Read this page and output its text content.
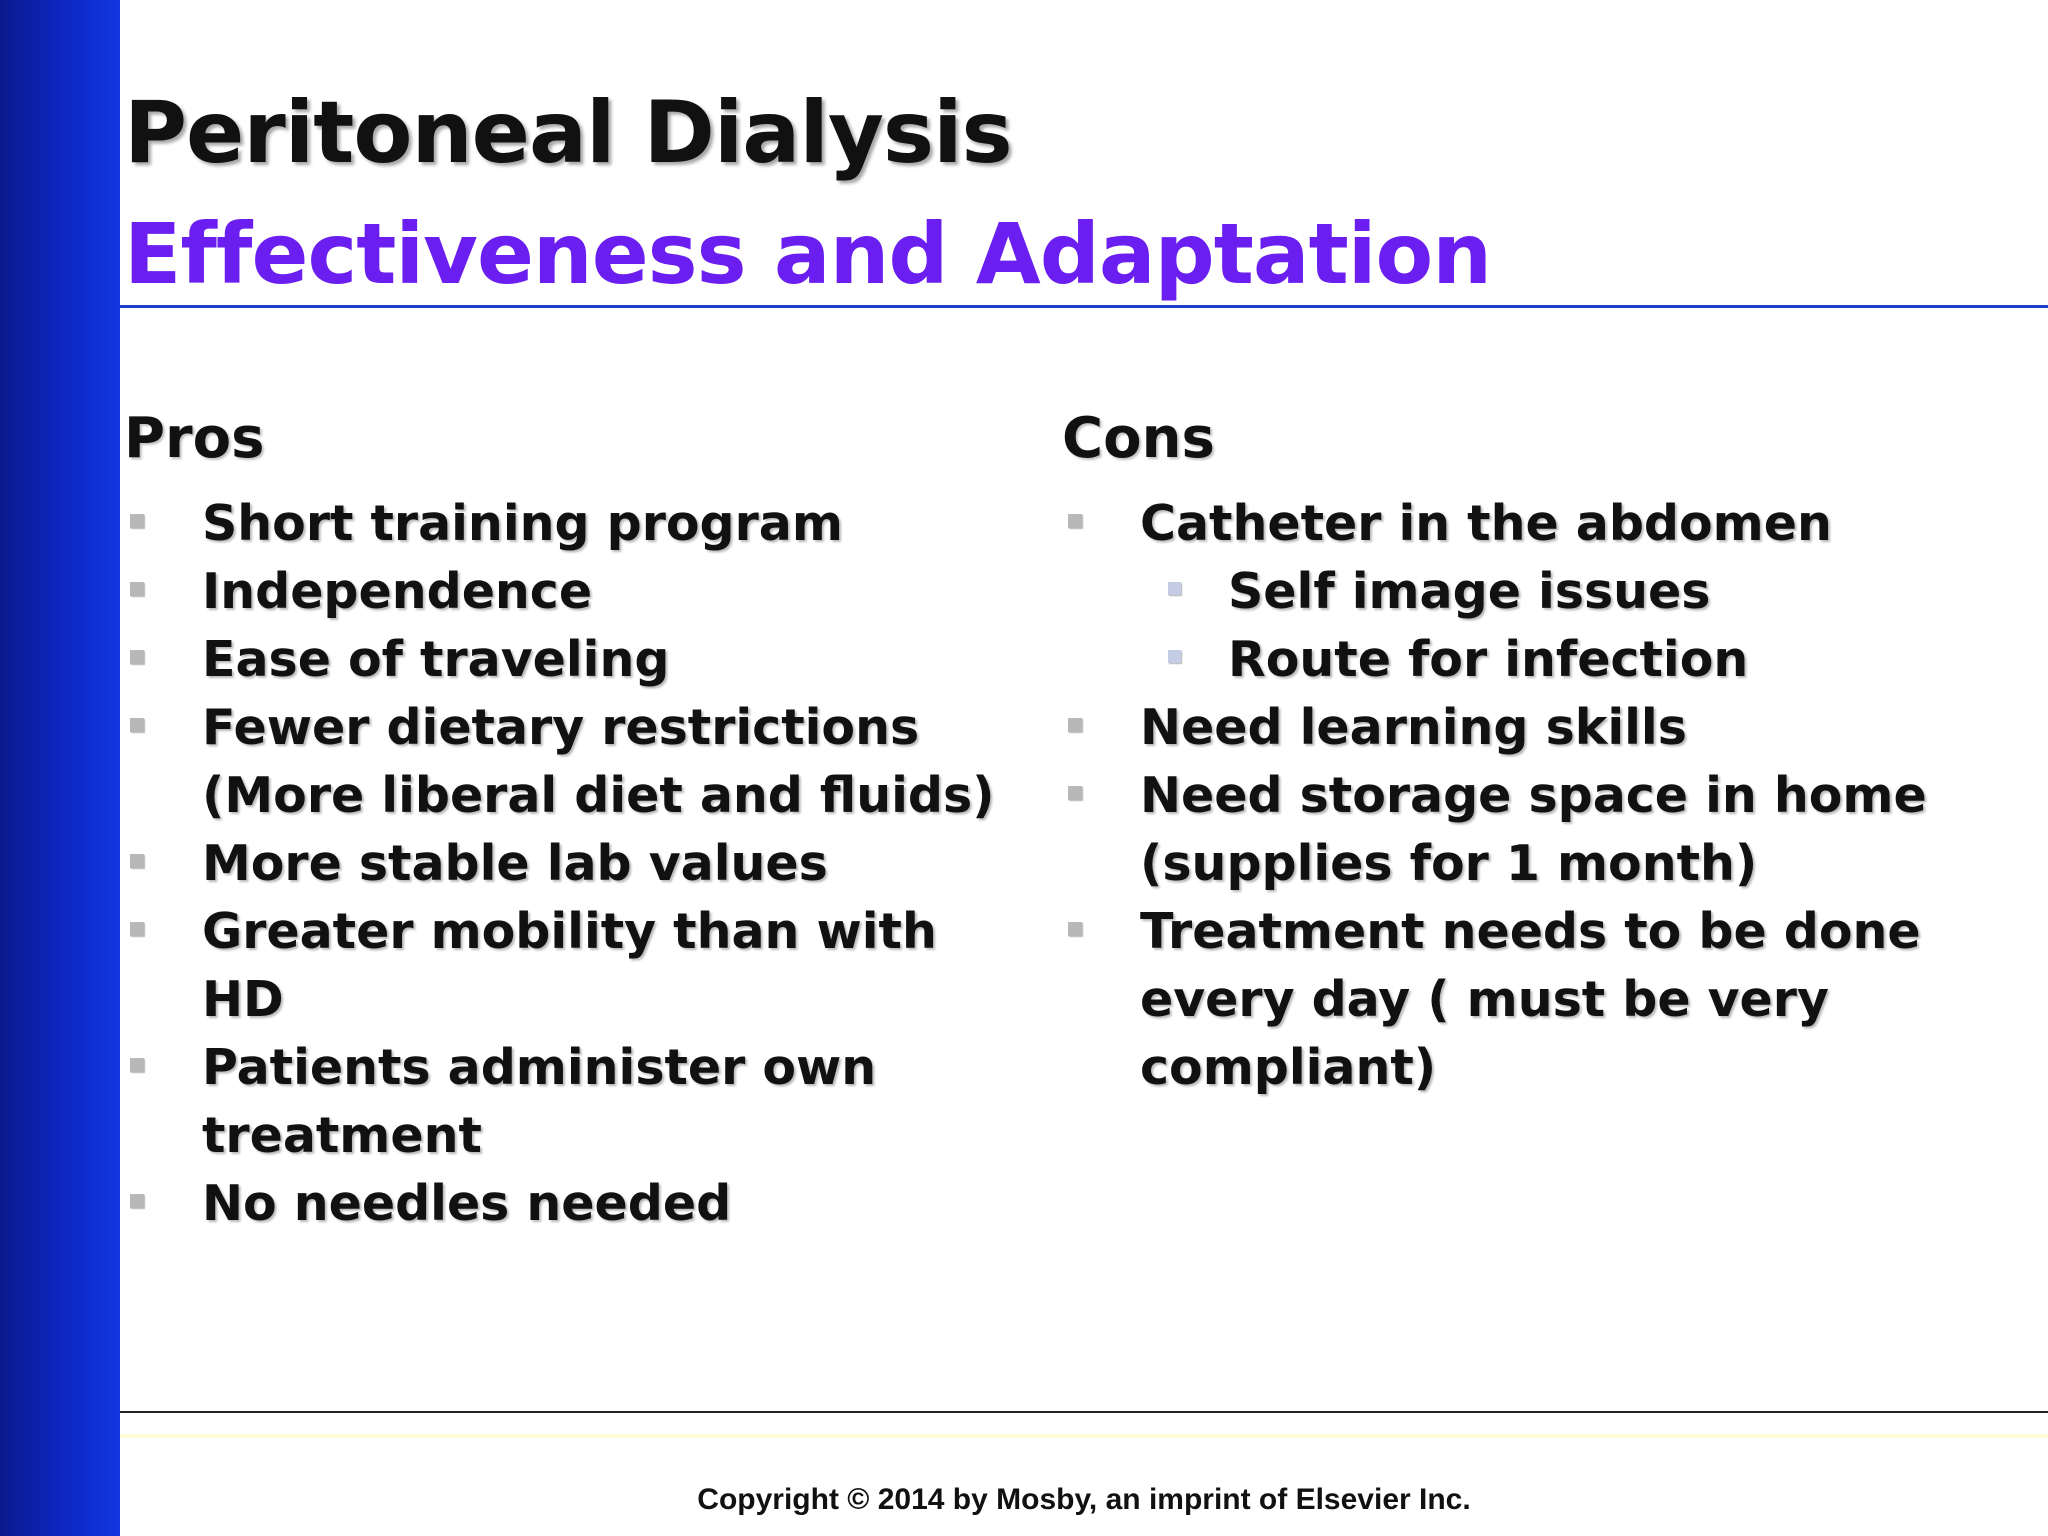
Peritoneal Dialysis
Effectiveness and Adaptation
Pros
Short training program
Independence
Ease of traveling
Fewer dietary restrictions (More liberal diet and fluids)
More stable lab values
Greater mobility than with HD
Patients administer own treatment
No needles needed
Cons
Catheter in the abdomen
Self image issues
Route for infection
Need learning skills
Need storage space in home (supplies for 1 month)
Treatment needs to be done every day ( must be very compliant)
Copyright © 2014 by Mosby, an imprint of Elsevier Inc.
